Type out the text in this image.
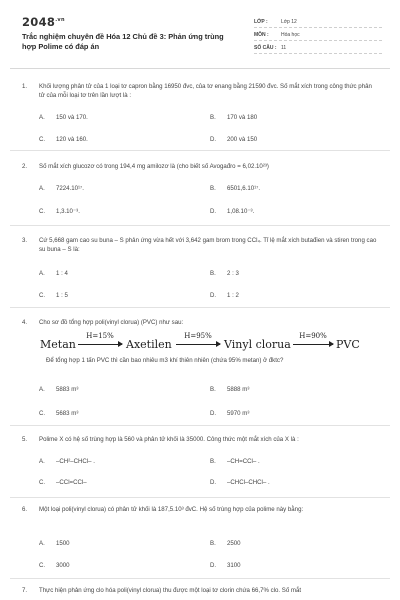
$2048^{.vn}$
Trắc nghiệm chuyên đề Hóa 12 Chủ đề 3: Phản ứng trùng hợp Polime có đáp án
LỚP :	Lớp 12
MÔN : Hóa học
SỐ CÂU : 11
1. Khối lượng phân tử của 1 loại tơ capron bằng 16950 đvc, của tơ enang bằng 21590 đvc. Số mắt xích trong công thức phân tử của mỗi loại tơ trên lần lượt là :
A. 150 và 170.	B. 170 và 180
C. 120 và 160.	D. 200 và 150
2. Số mắt xích glucozơ có trong 194,4 mg amilozơ là (cho biết số Avogađro = 6,02.10²³)
A. 7224.10¹⁷.	B. 6501,6.10¹⁷.
C. 1,3.10⁻³.	D. 1,08.10⁻³.
3. Cứ 5,668 gam cao su buna – S phản ứng vừa hết với 3,642 gam brom trong CCl₄. Tỉ lệ mắt xích butađien và stiren trong cao su buna – S là:
A. 1 : 4	B. 2 : 3
C. 1 : 5	D. 1 : 2
4. Cho sơ đồ tổng hợp poli(vinyl clorua) (PVC) như sau:
Metan
H=15%
Axetilen
H=95%
Vinyl clorua
H=90%
PVC
Để tổng hợp 1 tấn PVC thì cần bao nhiêu m3 khí thiên nhiên (chứa 95% metan) ở đktc?
A. 5883 m³	B. 5888 m³
C. 5683 m³	D. 5970 m³
5. Polime X có hệ số trùng hợp là 560 và phân tử khối là 35000. Công thức một mắt xích của X là :
A. –CH²–CHCl– .	B. –CH=CCl– .
C. –CCl=CCl–	D. –CHCl–CHCl– .
6. Một loại poli(vinyl clorua) có phân tử khối là 187,5.10³ đvC. Hệ số trùng hợp của polime này bằng:
A. 1500	B. 2500
C. 3000	D. 3100
7. Thực hiện phản ứng clo hóa poli(vinyl clorua) thu được một loại tơ clorin chứa 66,7% clo. Số mắt
